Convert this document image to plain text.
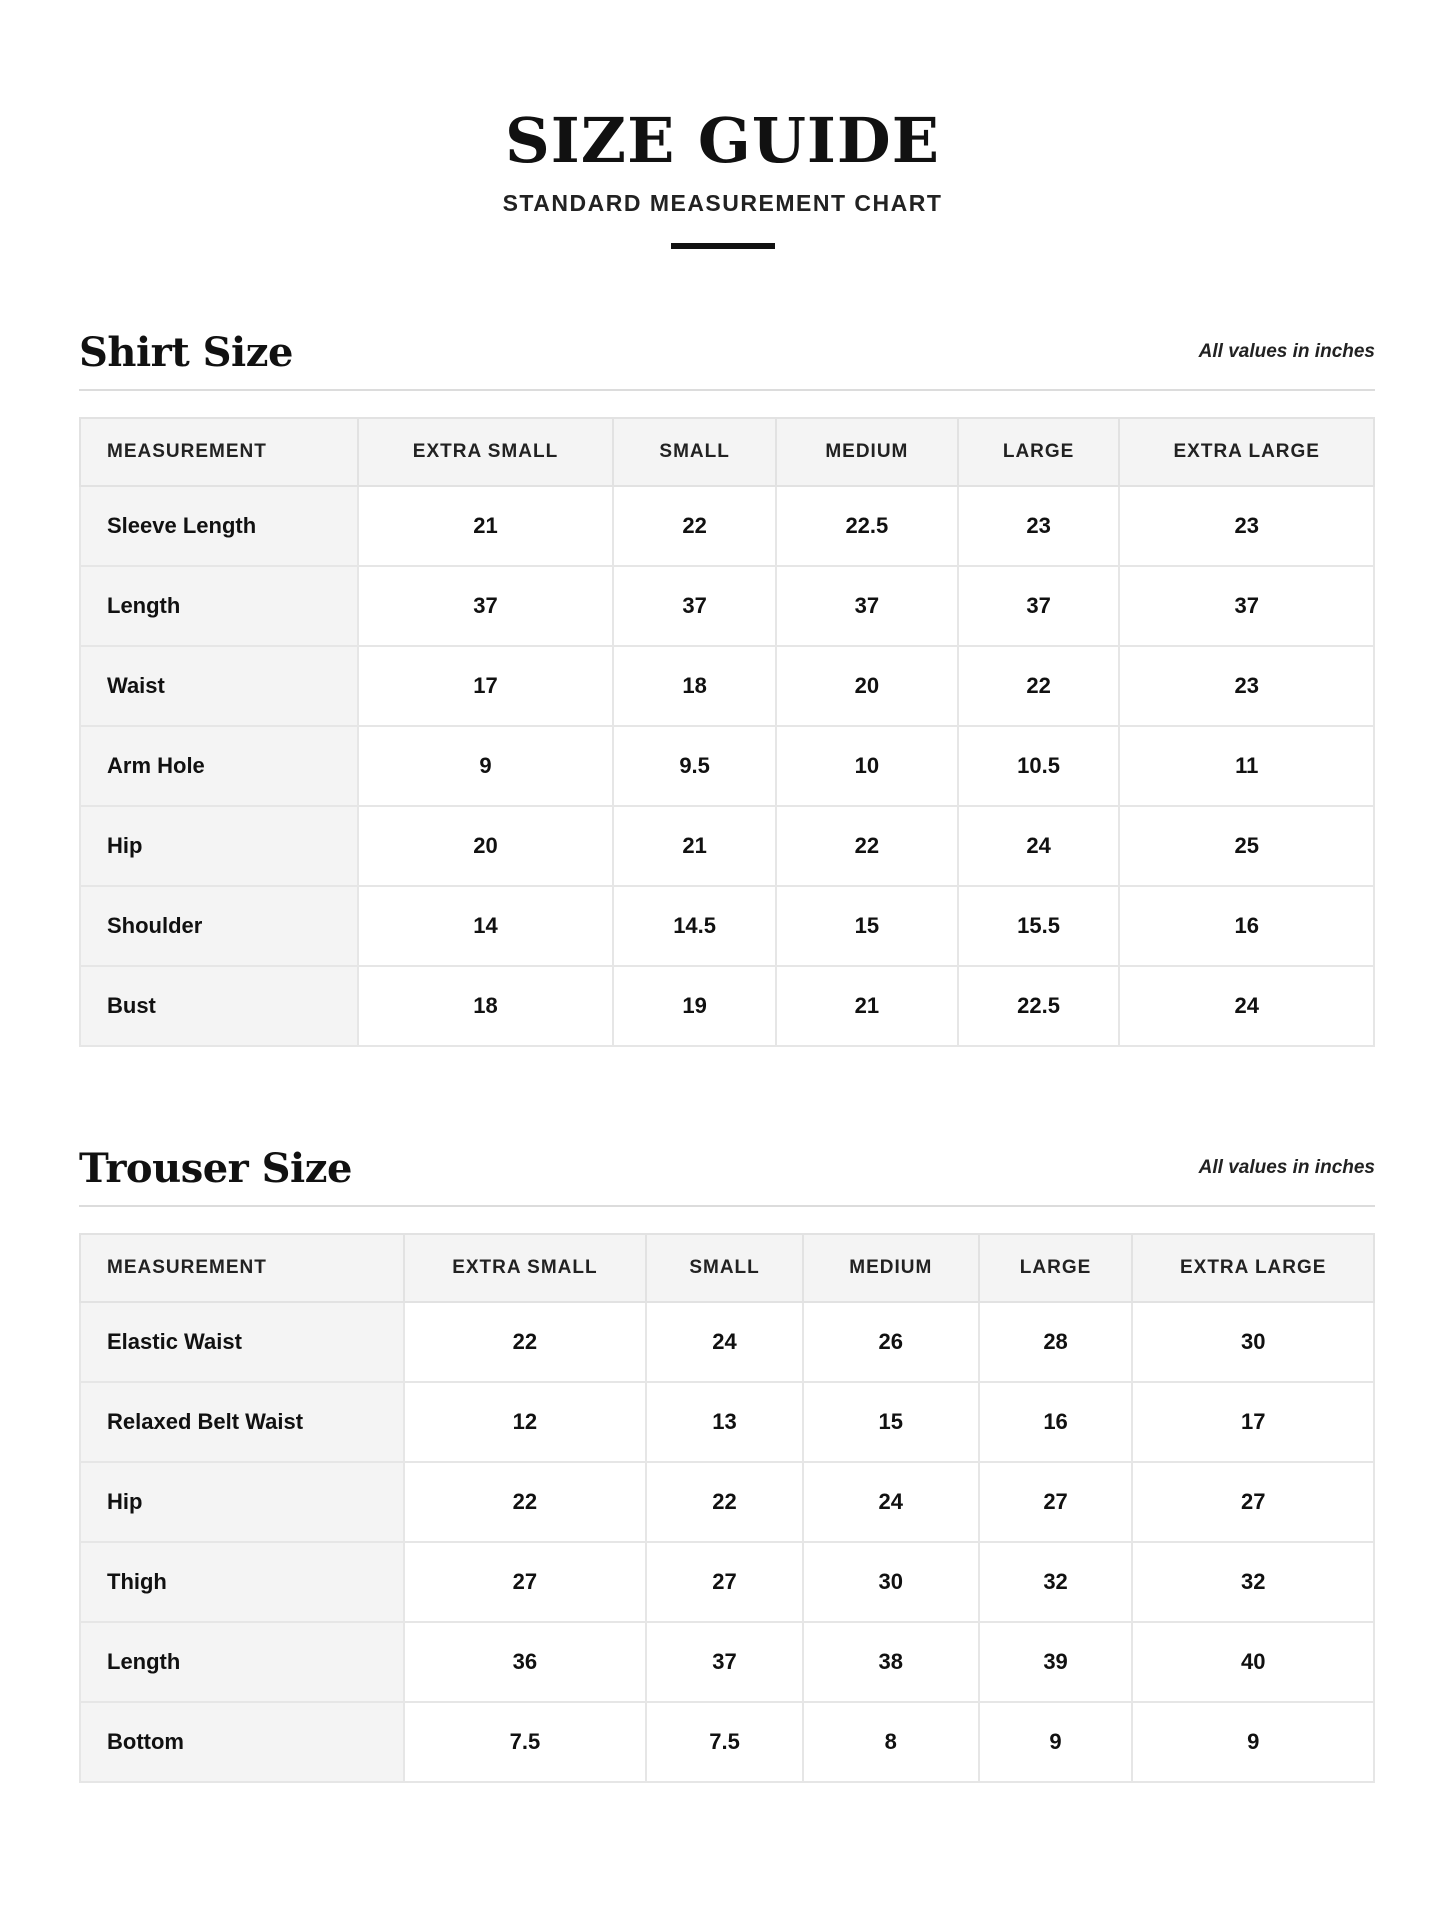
SIZE GUIDE
STANDARD MEASUREMENT CHART
Shirt Size	All values in inches
MEASUREMENT	EXTRA SMALL	SMALL	MEDIUM	LARGE	EXTRA LARGE
Sleeve Length	21	22	22.5	23	23
Length	37	37	37	37	37
Waist	17	18	20	22	23
Arm Hole	9	9.5	10	10.5	11
Hip	20	21	22	24	25
Shoulder	14	14.5	15	15.5	16
Bust	18	19	21	22.5	24
Trouser Size	All values in inches
MEASUREMENT	EXTRA SMALL	SMALL	MEDIUM	LARGE	EXTRA LARGE
Elastic Waist	22	24	26	28	30
Relaxed Belt Waist	12	13	15	16	17
Hip	22	22	24	27	27
Thigh	27	27	30	32	32
Length	36	37	38	39	40
Bottom	7.5	7.5	8	9	9
